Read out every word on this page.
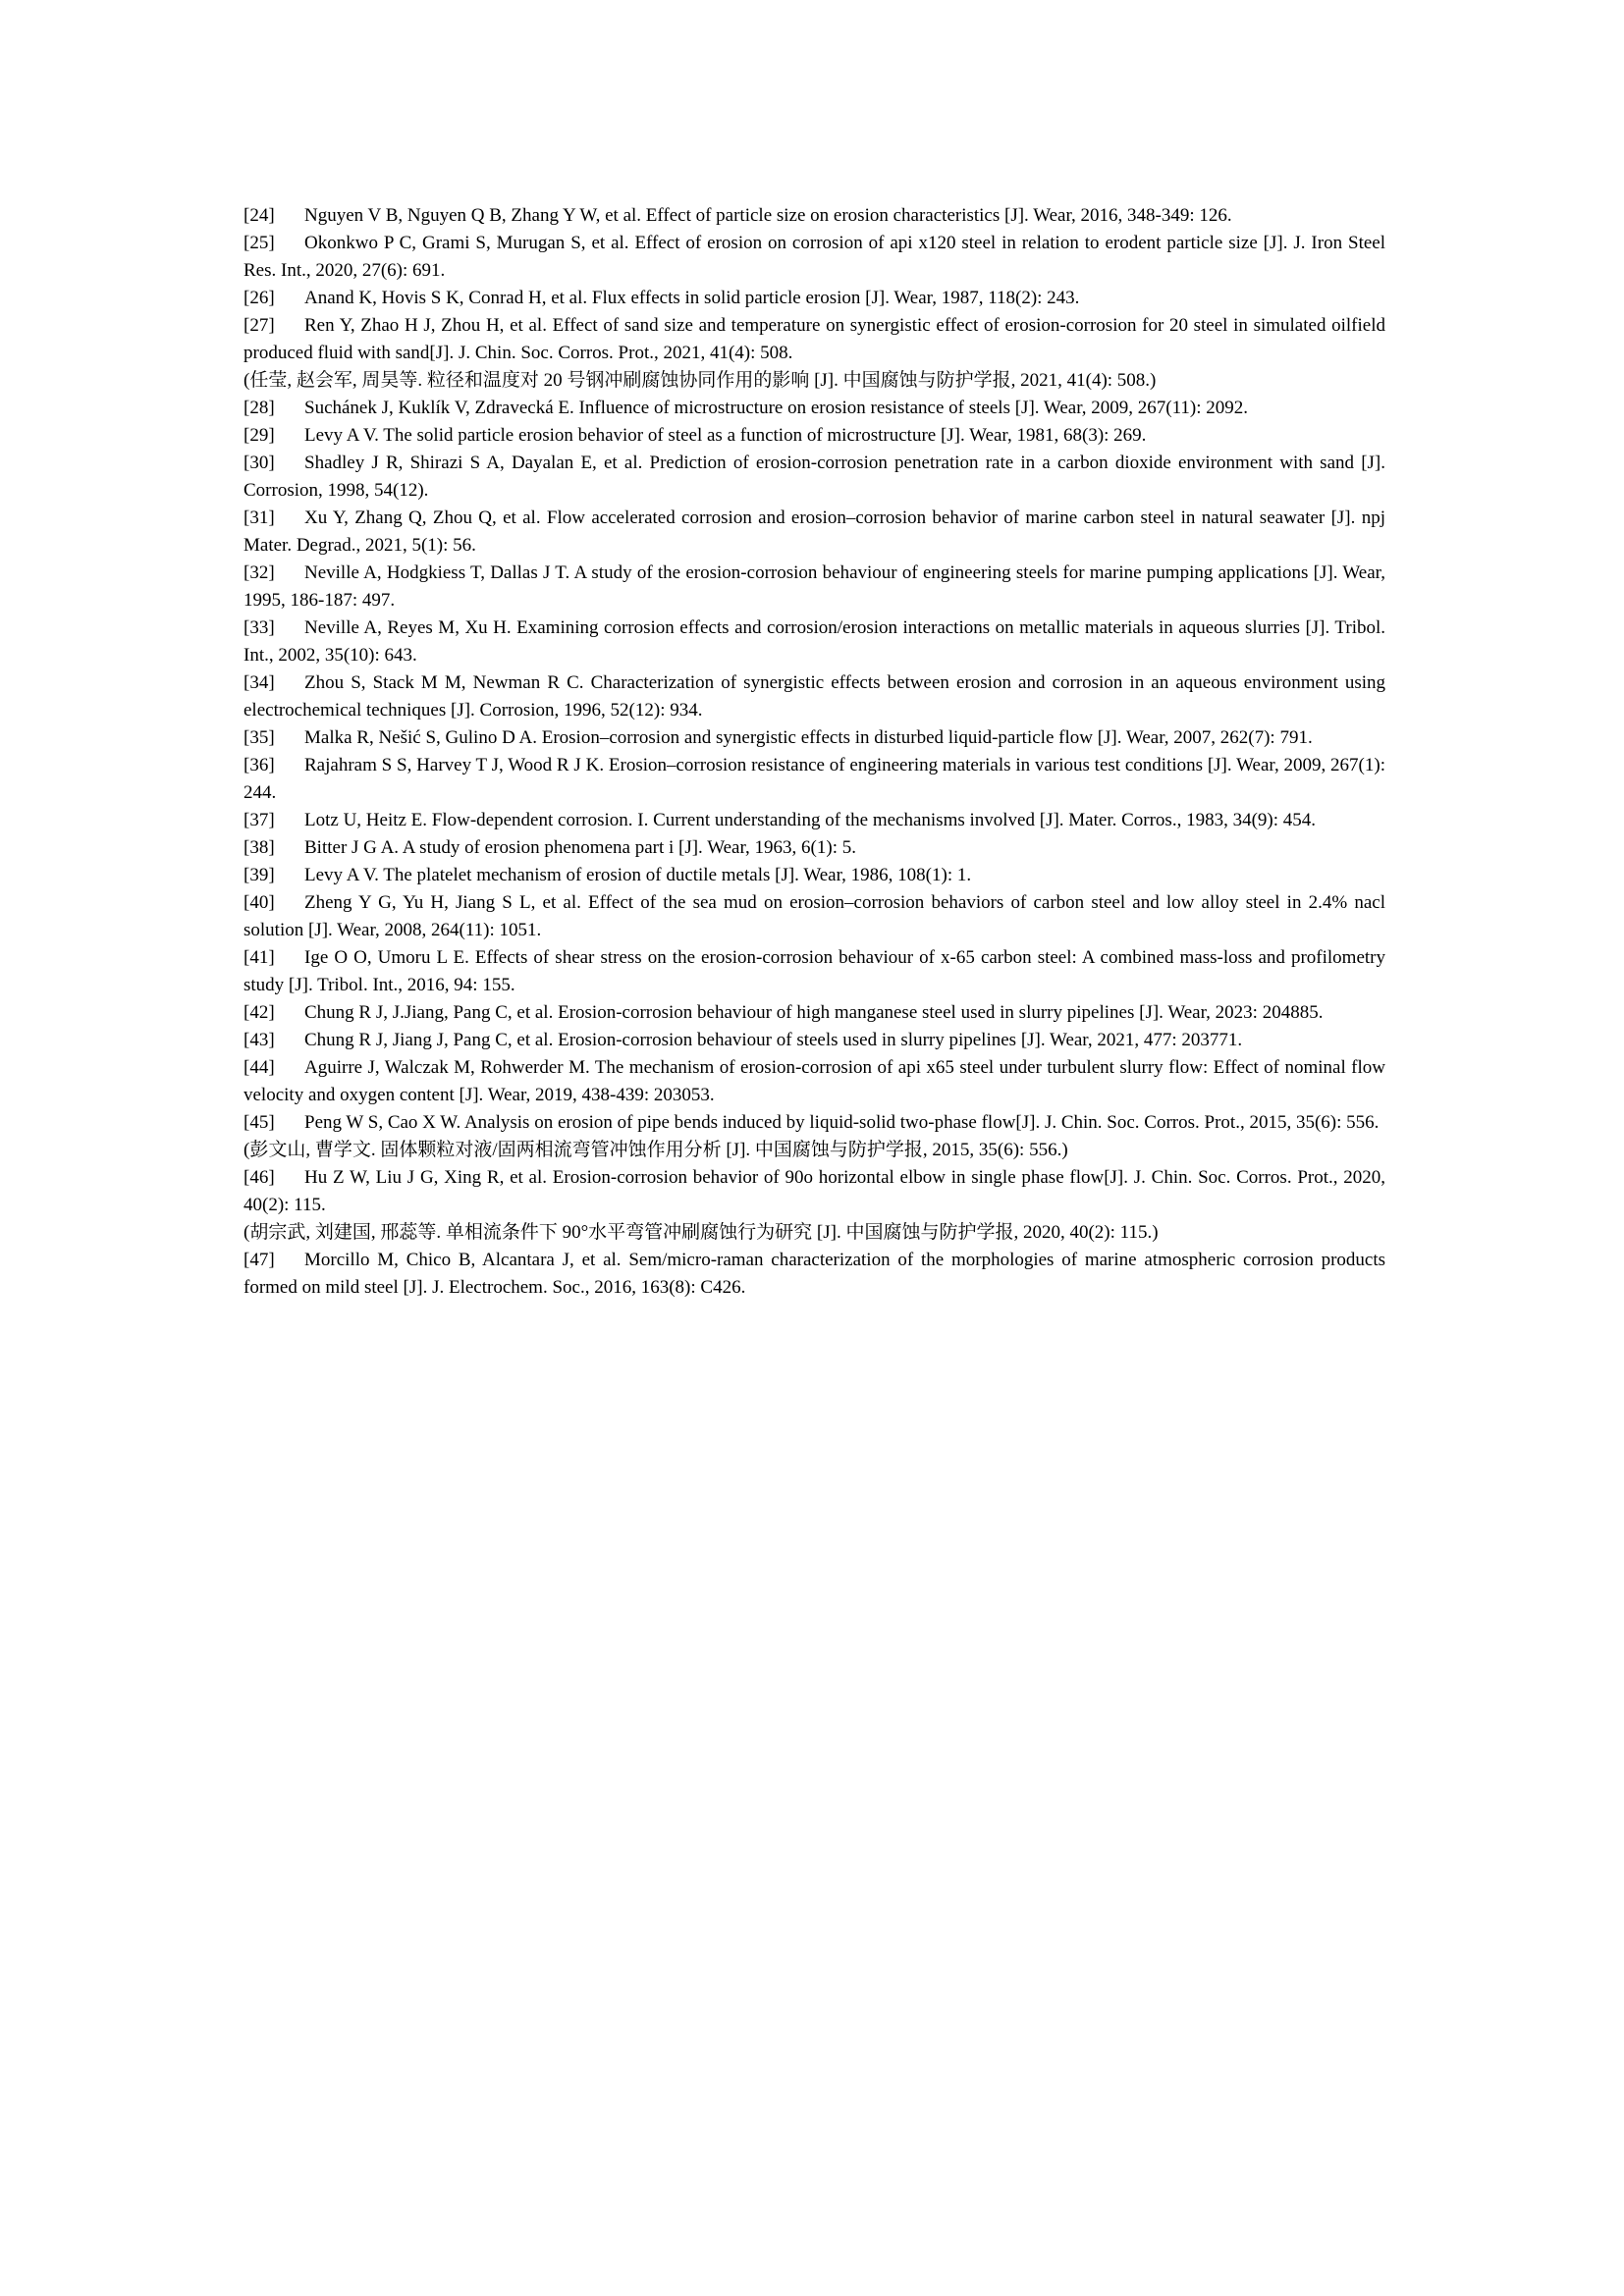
[24] Nguyen V B, Nguyen Q B, Zhang Y W, et al. Effect of particle size on erosion characteristics [J]. Wear, 2016, 348-349: 126.

[25] Okonkwo P C, Grami S, Murugan S, et al. Effect of erosion on corrosion of api x120 steel in relation to erodent particle size [J]. J. Iron Steel Res. Int., 2020, 27(6): 691.

[26] Anand K, Hovis S K, Conrad H, et al. Flux effects in solid particle erosion [J]. Wear, 1987, 118(2): 243.

[27] Ren Y, Zhao H J, Zhou H, et al. Effect of sand size and temperature on synergistic effect of erosion-corrosion for 20 steel in simulated oilfield produced fluid with sand[J]. J. Chin. Soc. Corros. Prot., 2021, 41(4): 508.

(任莹, 赵会军, 周昊等. 粒径和温度对 20 号钢冲刷腐蚀协同作用的影响 [J]. 中国腐蚀与防护学报, 2021, 41(4): 508.)

[28] Suchánek J, Kuklík V, Zdravecká E. Influence of microstructure on erosion resistance of steels [J]. Wear, 2009, 267(11): 2092.

[29] Levy A V. The solid particle erosion behavior of steel as a function of microstructure [J]. Wear, 1981, 68(3): 269.

[30] Shadley J R, Shirazi S A, Dayalan E, et al. Prediction of erosion-corrosion penetration rate in a carbon dioxide environment with sand [J]. Corrosion, 1998, 54(12).

[31] Xu Y, Zhang Q, Zhou Q, et al. Flow accelerated corrosion and erosion–corrosion behavior of marine carbon steel in natural seawater [J]. npj Mater. Degrad., 2021, 5(1): 56.

[32] Neville A, Hodgkiess T, Dallas J T. A study of the erosion-corrosion behaviour of engineering steels for marine pumping applications [J]. Wear, 1995, 186-187: 497.

[33] Neville A, Reyes M, Xu H. Examining corrosion effects and corrosion/erosion interactions on metallic materials in aqueous slurries [J]. Tribol. Int., 2002, 35(10): 643.

[34] Zhou S, Stack M M, Newman R C. Characterization of synergistic effects between erosion and corrosion in an aqueous environment using electrochemical techniques [J]. Corrosion, 1996, 52(12): 934.

[35] Malka R, Nešić S, Gulino D A. Erosion–corrosion and synergistic effects in disturbed liquid-particle flow [J]. Wear, 2007, 262(7): 791.

[36] Rajahram S S, Harvey T J, Wood R J K. Erosion–corrosion resistance of engineering materials in various test conditions [J]. Wear, 2009, 267(1): 244.

[37] Lotz U, Heitz E. Flow‐dependent corrosion. I. Current understanding of the mechanisms involved [J]. Mater. Corros., 1983, 34(9): 454.

[38] Bitter J G A. A study of erosion phenomena part i [J]. Wear, 1963, 6(1): 5.

[39] Levy A V. The platelet mechanism of erosion of ductile metals [J]. Wear, 1986, 108(1): 1.

[40] Zheng Y G, Yu H, Jiang S L, et al. Effect of the sea mud on erosion–corrosion behaviors of carbon steel and low alloy steel in 2.4% nacl solution [J]. Wear, 2008, 264(11): 1051.

[41] Ige O O, Umoru L E. Effects of shear stress on the erosion‐corrosion behaviour of x-65 carbon steel: A combined mass-loss and profilometry study [J]. Tribol. Int., 2016, 94: 155.

[42] Chung R J, J.Jiang, Pang C, et al. Erosion-corrosion behaviour of high manganese steel used in slurry pipelines [J]. Wear, 2023: 204885.

[43] Chung R J, Jiang J, Pang C, et al. Erosion-corrosion behaviour of steels used in slurry pipelines [J]. Wear, 2021, 477: 203771.

[44] Aguirre J, Walczak M, Rohwerder M. The mechanism of erosion-corrosion of api x65 steel under turbulent slurry flow: Effect of nominal flow velocity and oxygen content [J]. Wear, 2019, 438-439: 203053.

[45] Peng W S, Cao X W. Analysis on erosion of pipe bends induced by liquid-solid two-phase flow[J]. J. Chin. Soc. Corros. Prot., 2015, 35(6): 556.

(彭文山, 曹学文. 固体颗粒对液/固两相流弯管冲蚀作用分析 [J]. 中国腐蚀与防护学报, 2015, 35(6): 556.)

[46] Hu Z W, Liu J G, Xing R, et al. Erosion-corrosion behavior of 90o horizontal elbow in single phase flow[J]. J. Chin. Soc. Corros. Prot., 2020, 40(2): 115.

(胡宗武, 刘建国, 邢蕊等. 单相流条件下 90°水平弯管冲刷腐蚀行为研究 [J]. 中国腐蚀与防护学报, 2020, 40(2): 115.)

[47] Morcillo M, Chico B, Alcantara J, et al. Sem/micro-raman characterization of the morphologies of marine atmospheric corrosion products formed on mild steel [J]. J. Electrochem. Soc., 2016, 163(8): C426.
